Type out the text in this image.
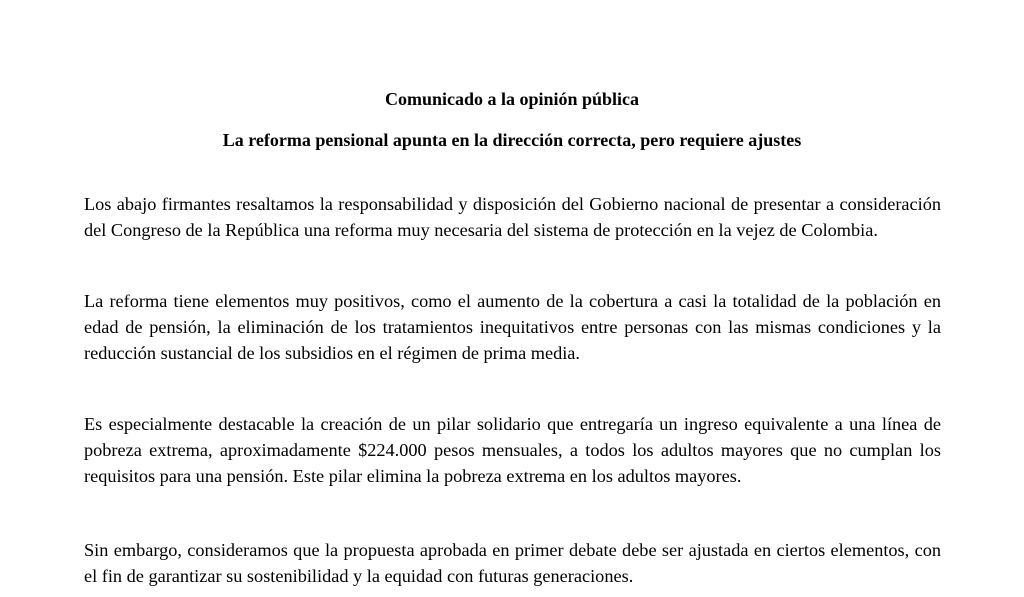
Comunicado a la opinión pública
La reforma pensional apunta en la dirección correcta, pero requiere ajustes

Los abajo firmantes resaltamos la responsabilidad y disposición del Gobierno nacional de presentar a consideración del Congreso de la República una reforma muy necesaria del sistema de protección en la vejez de Colombia.

La reforma tiene elementos muy positivos, como el aumento de la cobertura a casi la totalidad de la población en edad de pensión, la eliminación de los tratamientos inequitativos entre personas con las mismas condiciones y la reducción sustancial de los subsidios en el régimen de prima media.

Es especialmente destacable la creación de un pilar solidario que entregaría un ingreso equivalente a una línea de pobreza extrema, aproximadamente $224.000 pesos mensuales, a todos los adultos mayores que no cumplan los requisitos para una pensión. Este pilar elimina la pobreza extrema en los adultos mayores.

Sin embargo, consideramos que la propuesta aprobada en primer debate debe ser ajustada en ciertos elementos, con el fin de garantizar su sostenibilidad y la equidad con futuras generaciones.
